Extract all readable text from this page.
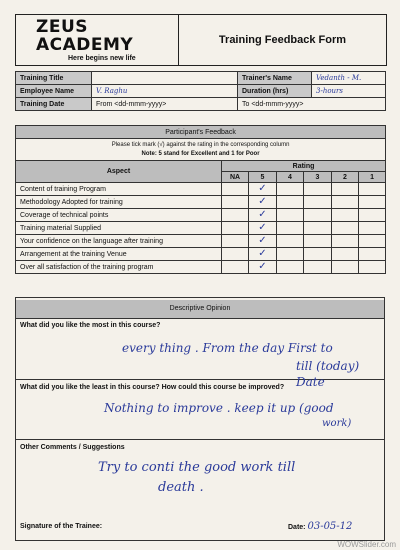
ZEUS ACADEMY
Here begins new life
Training Feedback Form
Training Title		Trainer's Name	Vedanth - M.
Employee Name	V. Raghu	Duration (hrs)	3-hours
Training Date	From <dd-mmm-yyyy>	To <dd-mmm-yyyy>	
Participant's Feedback						

Please tick mark (√) against the rating in the corresponding column
Note: 5 stand for Excellent and 1 for Poor						

Aspect	Rating					
	NA	5	4	3	2	1
Content of training Program		✓				
Methodology Adopted for training		✓				
Coverage of technical points		✓				
Training material Supplied		✓				
Your confidence on the language after training		✓				
Arrangement at the training Venue		✓				
Over all satisfaction of the training program		✓				
Descriptive Opinion
What did you like the most in this course?
every thing . From the day First to
till (today) Date
What did you like the least in this course? How could this course be improved?
Nothing to improve . keep it up (good
work)
Other Comments / Suggestions
Try to conti the good work till
death .
Signature of the Trainee:	Date: 03-05-12
WOWSlider.com
